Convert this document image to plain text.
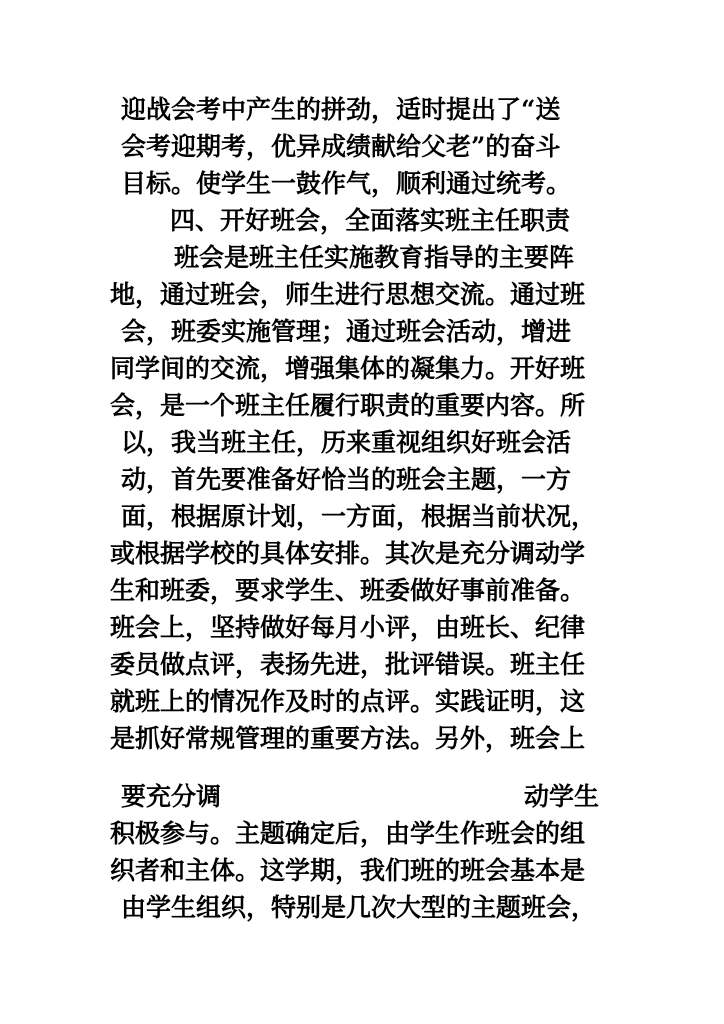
迎战会考中产生的拼劲，适时提出了“送
会考迎期考，优异成绩献给父老”的奋斗
目标。使学生一鼓作气，顺利通过统考。
四、开好班会，全面落实班主任职责
班会是班主任实施教育指导的主要阵
地，通过班会，师生进行思想交流。通过班
会，班委实施管理；通过班会活动，增进
同学间的交流，增强集体的凝集力。开好班
会，是一个班主任履行职责的重要内容。所
以，我当班主任，历来重视组织好班会活
动，首先要准备好恰当的班会主题，一方
面，根据原计划，一方面，根据当前状况，
或根据学校的具体安排。其次是充分调动学
生和班委，要求学生、班委做好事前准备。
班会上，坚持做好每月小评，由班长、纪律
委员做点评，表扬先进，批评错误。班主任
就班上的情况作及时的点评。实践证明，这
是抓好常规管理的重要方法。另外，班会上
要充分调	动学生
积极参与。主题确定后，由学生作班会的组
织者和主体。这学期，我们班的班会基本是
由学生组织，特别是几次大型的主题班会，
